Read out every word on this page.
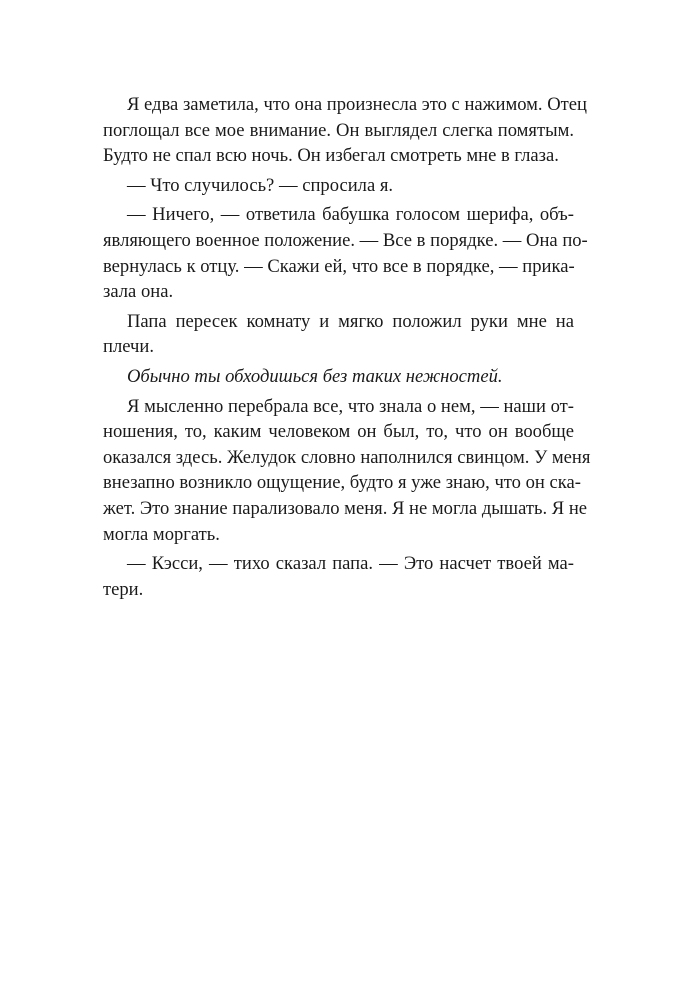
Я едва заметила, что она произнесла это с нажимом. Отец
поглощал все мое внимание. Он выглядел слегка помятым.
Будто не спал всю ночь. Он избегал смотреть мне в глаза.
— Что случилось? — спросила я.
— Ничего, — ответила бабушка голосом шерифа, объ-
являющего военное положение. — Все в порядке. — Она по-
вернулась к отцу. — Скажи ей, что все в порядке, — прика-
зала она.
Папа пересек комнату и мягко положил руки мне на
плечи.
Обычно ты обходишься без таких нежностей.
Я мысленно перебрала все, что знала о нем, — наши от-
ношения, то, каким человеком он был, то, что он вообще
оказался здесь. Желудок словно наполнился свинцом. У меня
внезапно возникло ощущение, будто я уже знаю, что он ска-
жет. Это знание парализовало меня. Я не могла дышать. Я не
могла моргать.
— Кэсси, — тихо сказал папа. — Это насчет твоей ма-
тери.
